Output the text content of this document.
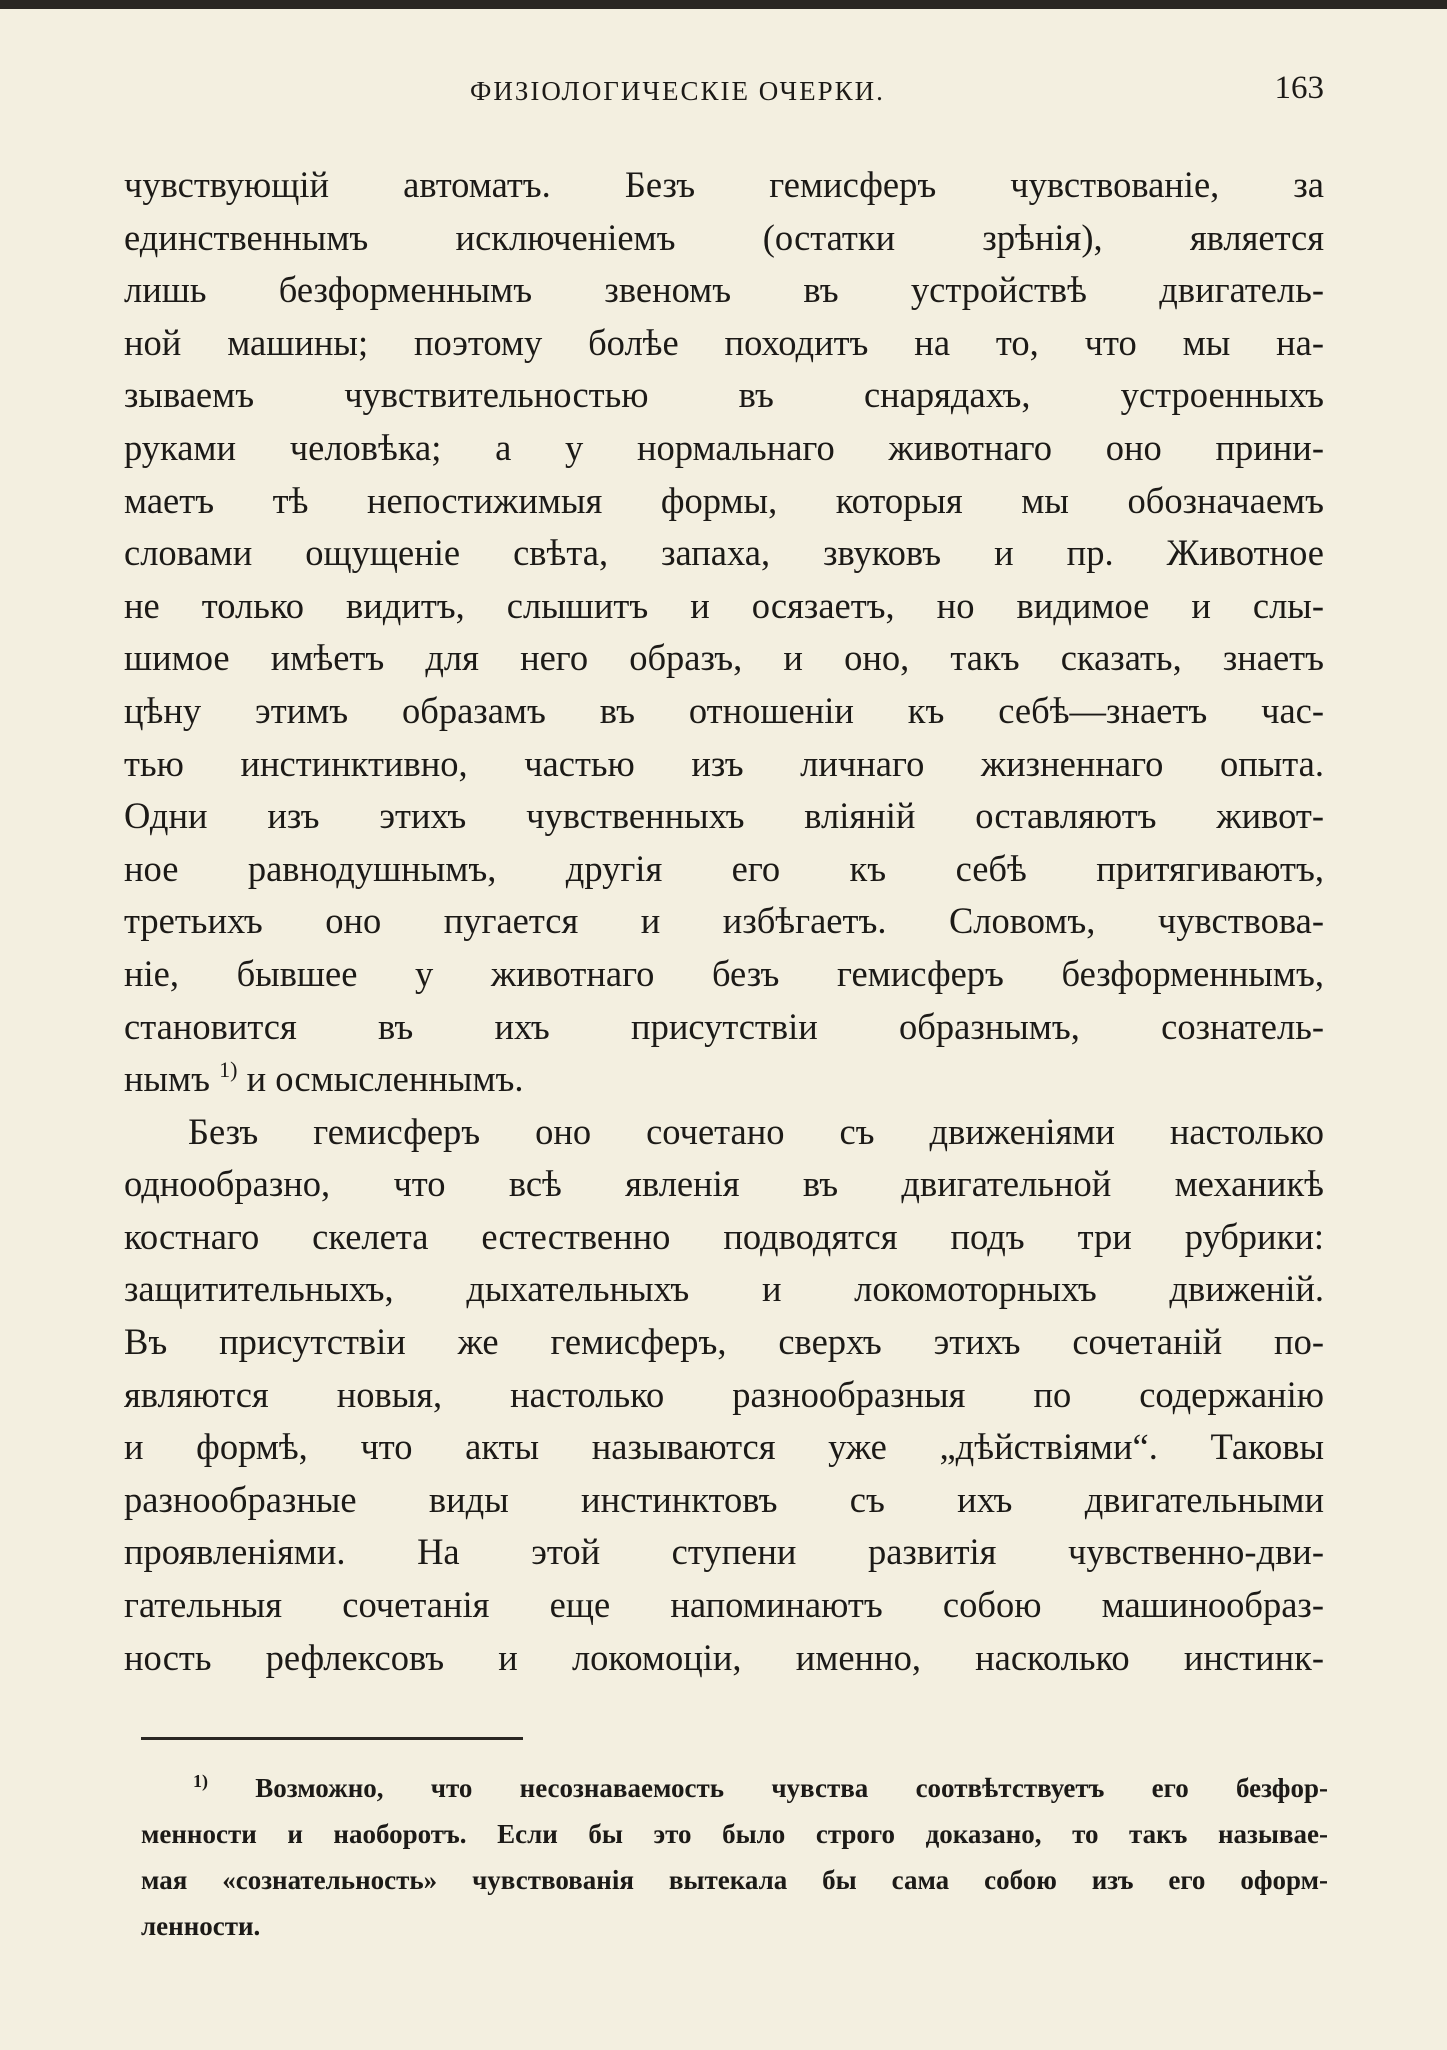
ФИЗIОЛОГИЧЕСКIЕ ОЧЕРКИ.	163
чувствующій автоматъ. Безъ гемисферъ чувствованіе, за
единственнымъ исключеніемъ (остатки зрѣнія), является
лишь безформеннымъ звеномъ въ устройствѣ двигатель-
ной машины; поэтому болѣе походитъ на то, что мы на-
зываемъ чувствительностью въ снарядахъ, устроенныхъ
руками человѣка; а у нормальнаго животнаго оно прини-
маетъ тѣ непостижимыя формы, которыя мы обозначаемъ
словами ощущеніе свѣта, запаха, звуковъ и пр. Животное
не только видитъ, слышитъ и осязаетъ, но видимое и слы-
шимое имѣетъ для него образъ, и оно, такъ сказать, знаетъ
цѣну этимъ образамъ въ отношеніи къ себѣ—знаетъ час-
тью инстинктивно, частью изъ личнаго жизненнаго опыта.
Одни изъ этихъ чувственныхъ вліяній оставляютъ живот-
ное равнодушнымъ, другія его къ себѣ притягиваютъ,
третьихъ оно пугается и избѣгаетъ. Словомъ, чувствова-
ніе, бывшее у животнаго безъ гемисферъ безформеннымъ,
становится въ ихъ присутствіи образнымъ, сознатель-
нымъ $^{1)}$ и осмысленнымъ.
Безъ гемисферъ оно сочетано съ движеніями настолько
однообразно, что всѣ явленія въ двигательной механикѣ
костнаго скелета естественно подводятся подъ три рубрики:
защитительныхъ, дыхательныхъ и локомоторныхъ движеній.
Въ присутствіи же гемисферъ, сверхъ этихъ сочетаній по-
являются новыя, настолько разнообразныя по содержанію
и формѣ, что акты называются уже „дѣйствіями“. Таковы
разнообразные виды инстинктовъ съ ихъ двигательными
проявленіями. На этой ступени развитія чувственно-дви-
гательныя сочетанія еще напоминаютъ собою машинообраз-
ность рефлексовъ и локомоціи, именно, насколько инстинк-
$^{1)}$ Возможно, что несознаваемость чувства соотвѣтствуетъ его безфор-
менности и наоборотъ. Если бы это было строго доказано, то такъ называе-
мая «сознательность» чувствованія вытекала бы сама собою изъ его оформ-
ленности.
